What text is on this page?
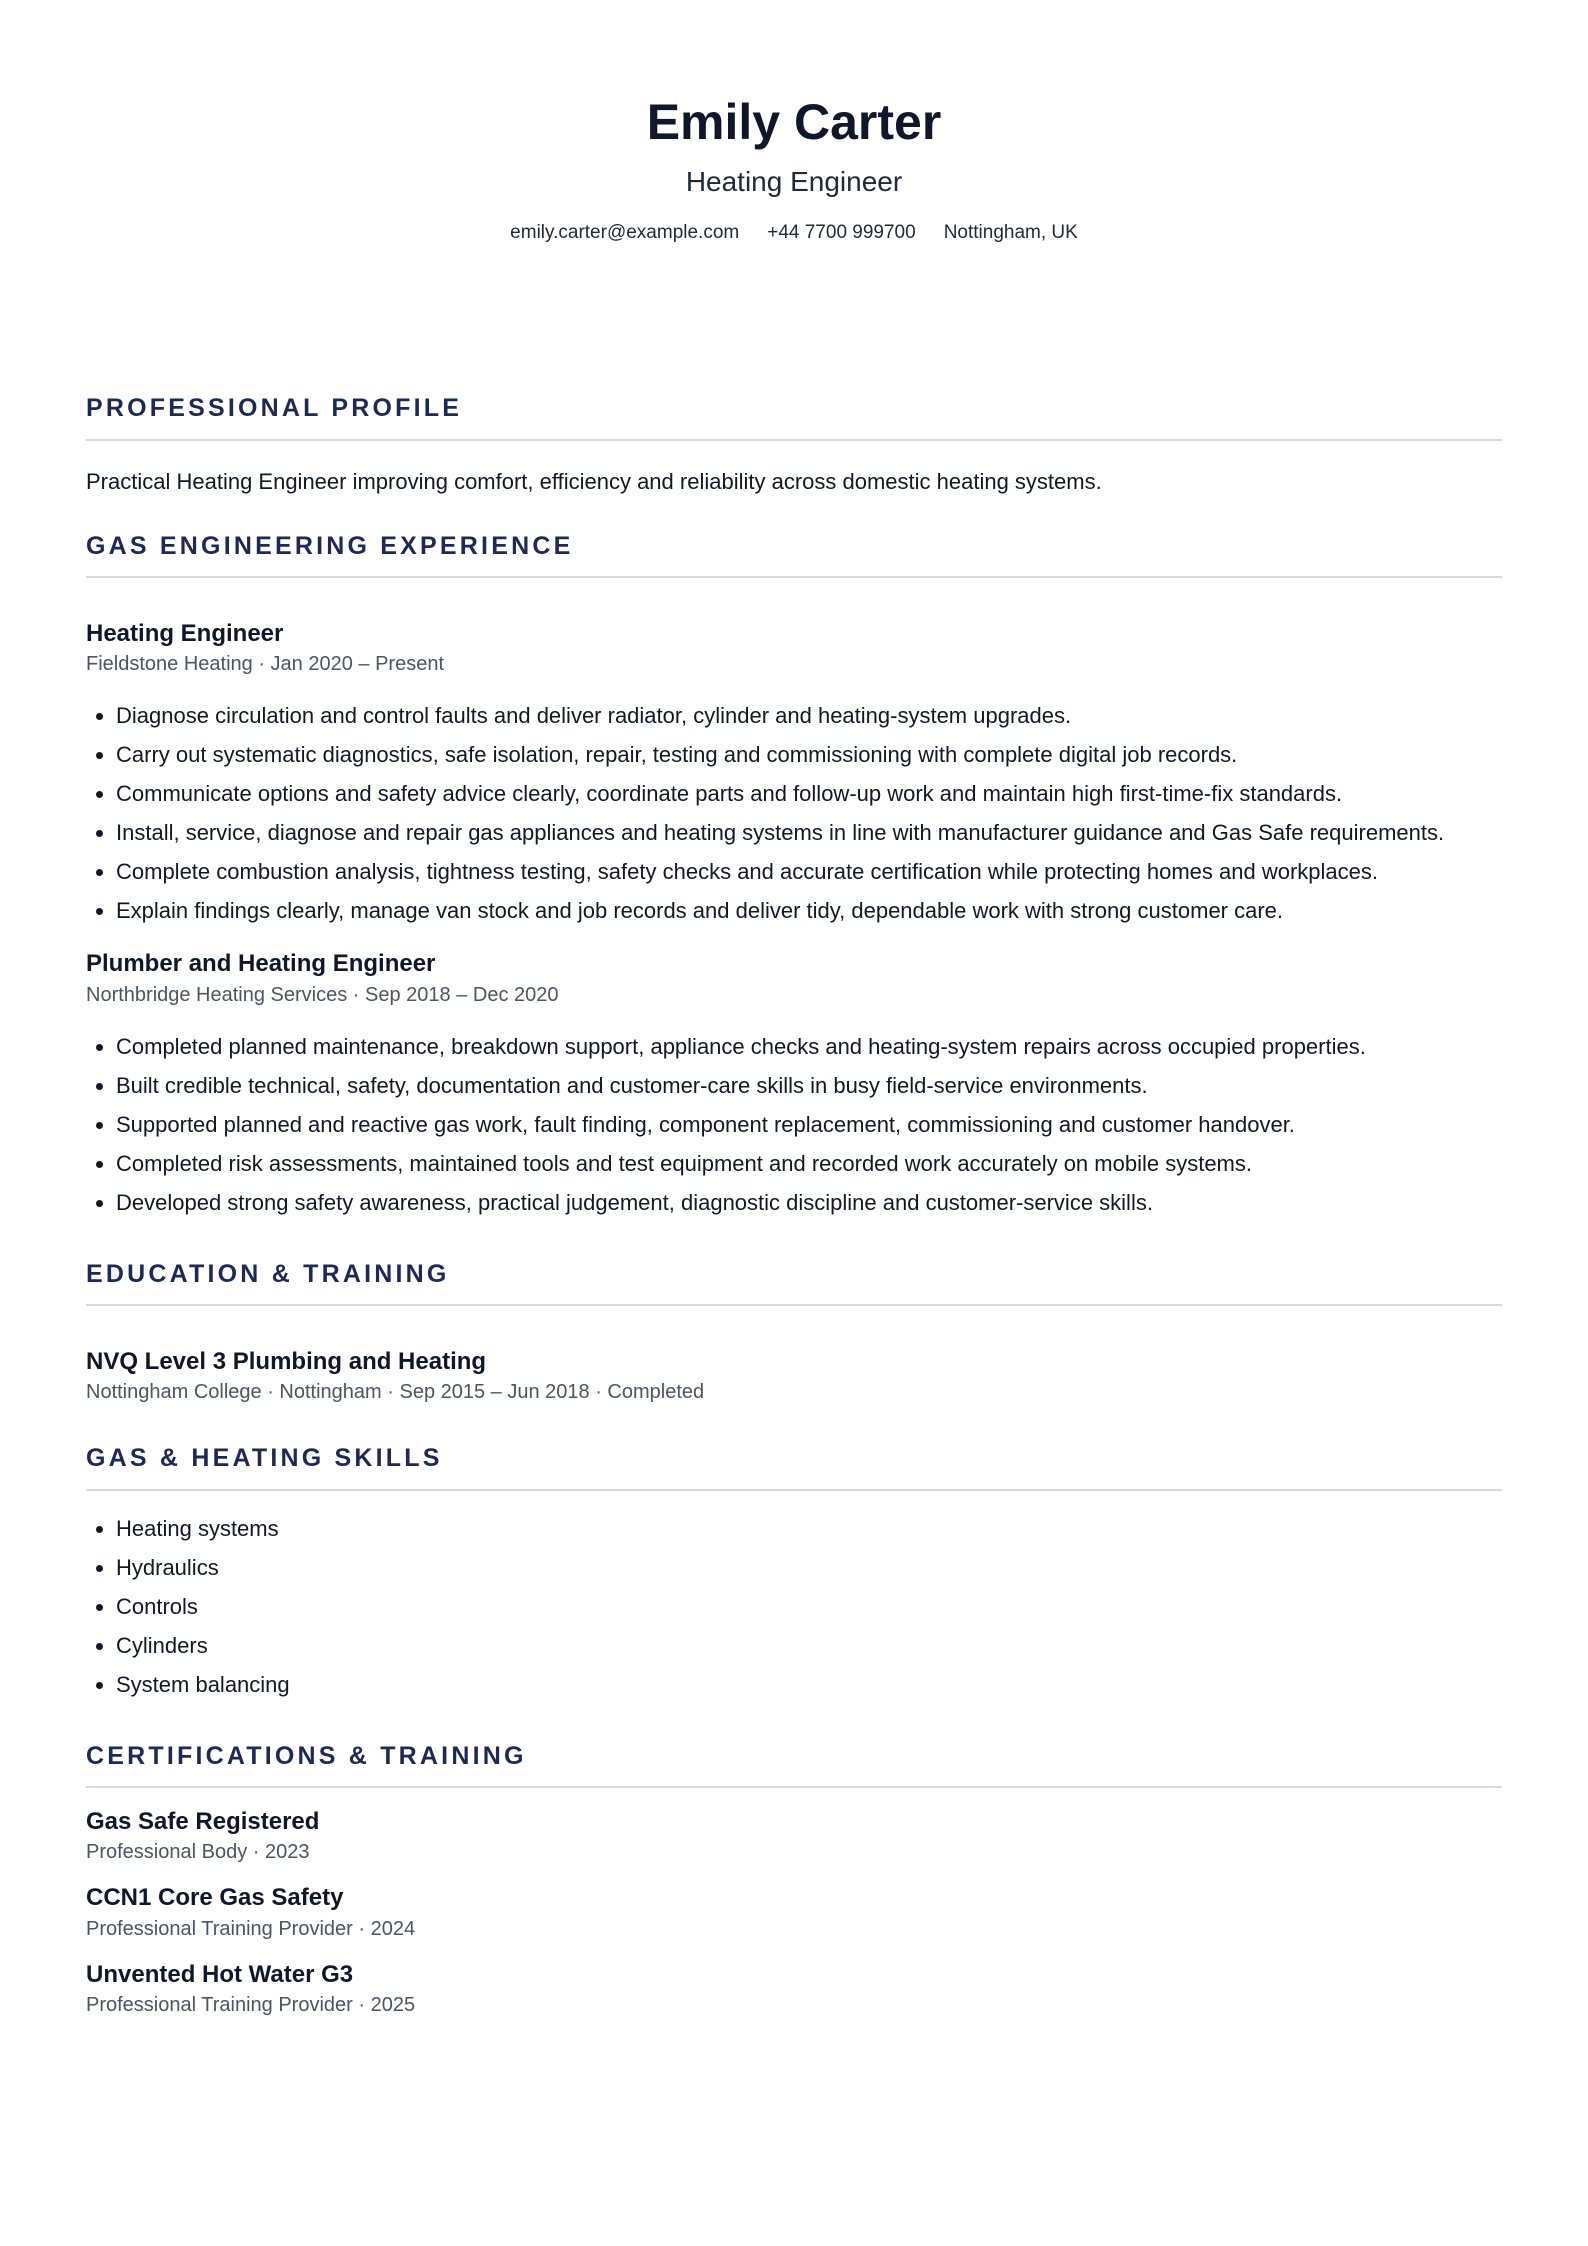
Emily Carter

Heating Engineer

emily.carter@example.com +44 7700 999700 Nottingham, UK
PROFESSIONAL PROFILE

Practical Heating Engineer improving comfort, efficiency and reliability across domestic heating systems.

GAS ENGINEERING EXPERIENCE
Heating Engineer

Fieldstone Heating · Jan 2020 – Present

• Diagnose circulation and control faults and deliver radiator, cylinder and heating-system upgrades.
• Carry out systematic diagnostics, safe isolation, repair, testing and commissioning with complete digital job records.
• Communicate options and safety advice clearly, coordinate parts and follow-up work and maintain high first-time-fix standards.
• Install, service, diagnose and repair gas appliances and heating systems in line with manufacturer guidance and Gas Safe requirements.
• Complete combustion analysis, tightness testing, safety checks and accurate certification while protecting homes and workplaces.
• Explain findings clearly, manage van stock and job records and deliver tidy, dependable work with strong customer care.
Plumber and Heating Engineer

Northbridge Heating Services · Sep 2018 – Dec 2020

• Completed planned maintenance, breakdown support, appliance checks and heating-system repairs across occupied properties.
• Built credible technical, safety, documentation and customer-care skills in busy field-service environments.
• Supported planned and reactive gas work, fault finding, component replacement, commissioning and customer handover.
• Completed risk assessments, maintained tools and test equipment and recorded work accurately on mobile systems.
• Developed strong safety awareness, practical judgement, diagnostic discipline and customer-service skills.
EDUCATION & TRAINING
NVQ Level 3 Plumbing and Heating

Nottingham College · Nottingham · Sep 2015 – Jun 2018 · Completed

GAS & HEATING SKILLS
• Heating systems
• Hydraulics
• Controls
• Cylinders
• System balancing
CERTIFICATIONS & TRAINING
Gas Safe Registered

Professional Body · 2023

CCN1 Core Gas Safety

Professional Training Provider · 2024

Unvented Hot Water G3

Professional Training Provider · 2025
